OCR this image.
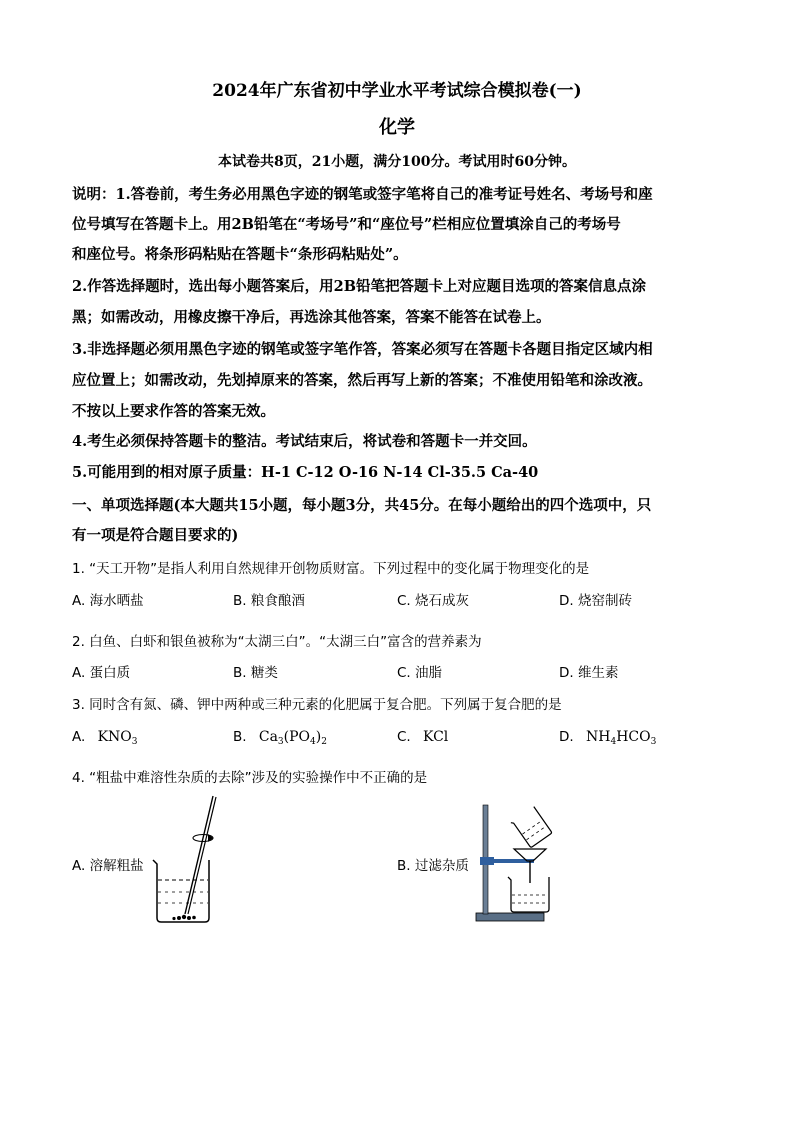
2024年广东省初中学业水平考试综合模拟卷(一)
化学
本试卷共8页，21小题，满分100分。考试用时60分钟。
说明：1.答卷前，考生务必用黑色字迹的钢笔或签字笔将自己的准考证号姓名、考场号和座
位号填写在答题卡上。用2B铅笔在“考场号”和“座位号”栏相应位置填涂自己的考场号
和座位号。将条形码粘贴在答题卡“条形码粘贴处”。
2.作答选择题时，选出每小题答案后，用2B铅笔把答题卡上对应题目选项的答案信息点涂
黑；如需改动，用橡皮擦干净后，再选涂其他答案，答案不能答在试卷上。
3.非选择题必须用黑色字迹的钢笔或签字笔作答，答案必须写在答题卡各题目指定区域内相
应位置上；如需改动，先划掉原来的答案，然后再写上新的答案；不准使用铅笔和涂改液。
不按以上要求作答的答案无效。
4.考生必须保持答题卡的整洁。考试结束后，将试卷和答题卡一并交回。
5.可能用到的相对原子质量：H-1 C-12 O-16 N-14 Cl-35.5 Ca-40
一、单项选择题(本大题共15小题，每小题3分，共45分。在每小题给出的四个选项中，只
有一项是符合题目要求的)
1. “天工开物”是指人利用自然规律开创物质财富。下列过程中的变化属于物理变化的是
A. 海水晒盐	B. 粮食酿酒	C. 烧石成灰	D. 烧窑制砖
2. 白鱼、白虾和银鱼被称为“太湖三白”。“太湖三白”富含的营养素为
A. 蛋白质	B. 糖类	C. 油脂	D. 维生素
3. 同时含有氮、磷、钾中两种或三种元素的化肥属于复合肥。下列属于复合肥的是
A. $KNO_3$	B. $Ca_3(PO_4)_2$	C. KCl	D. $NH_4HCO_3$
4. “粗盐中难溶性杂质的去除”涉及的实验操作中不正确的是
A. 溶解粗盐	B. 过滤杂质
